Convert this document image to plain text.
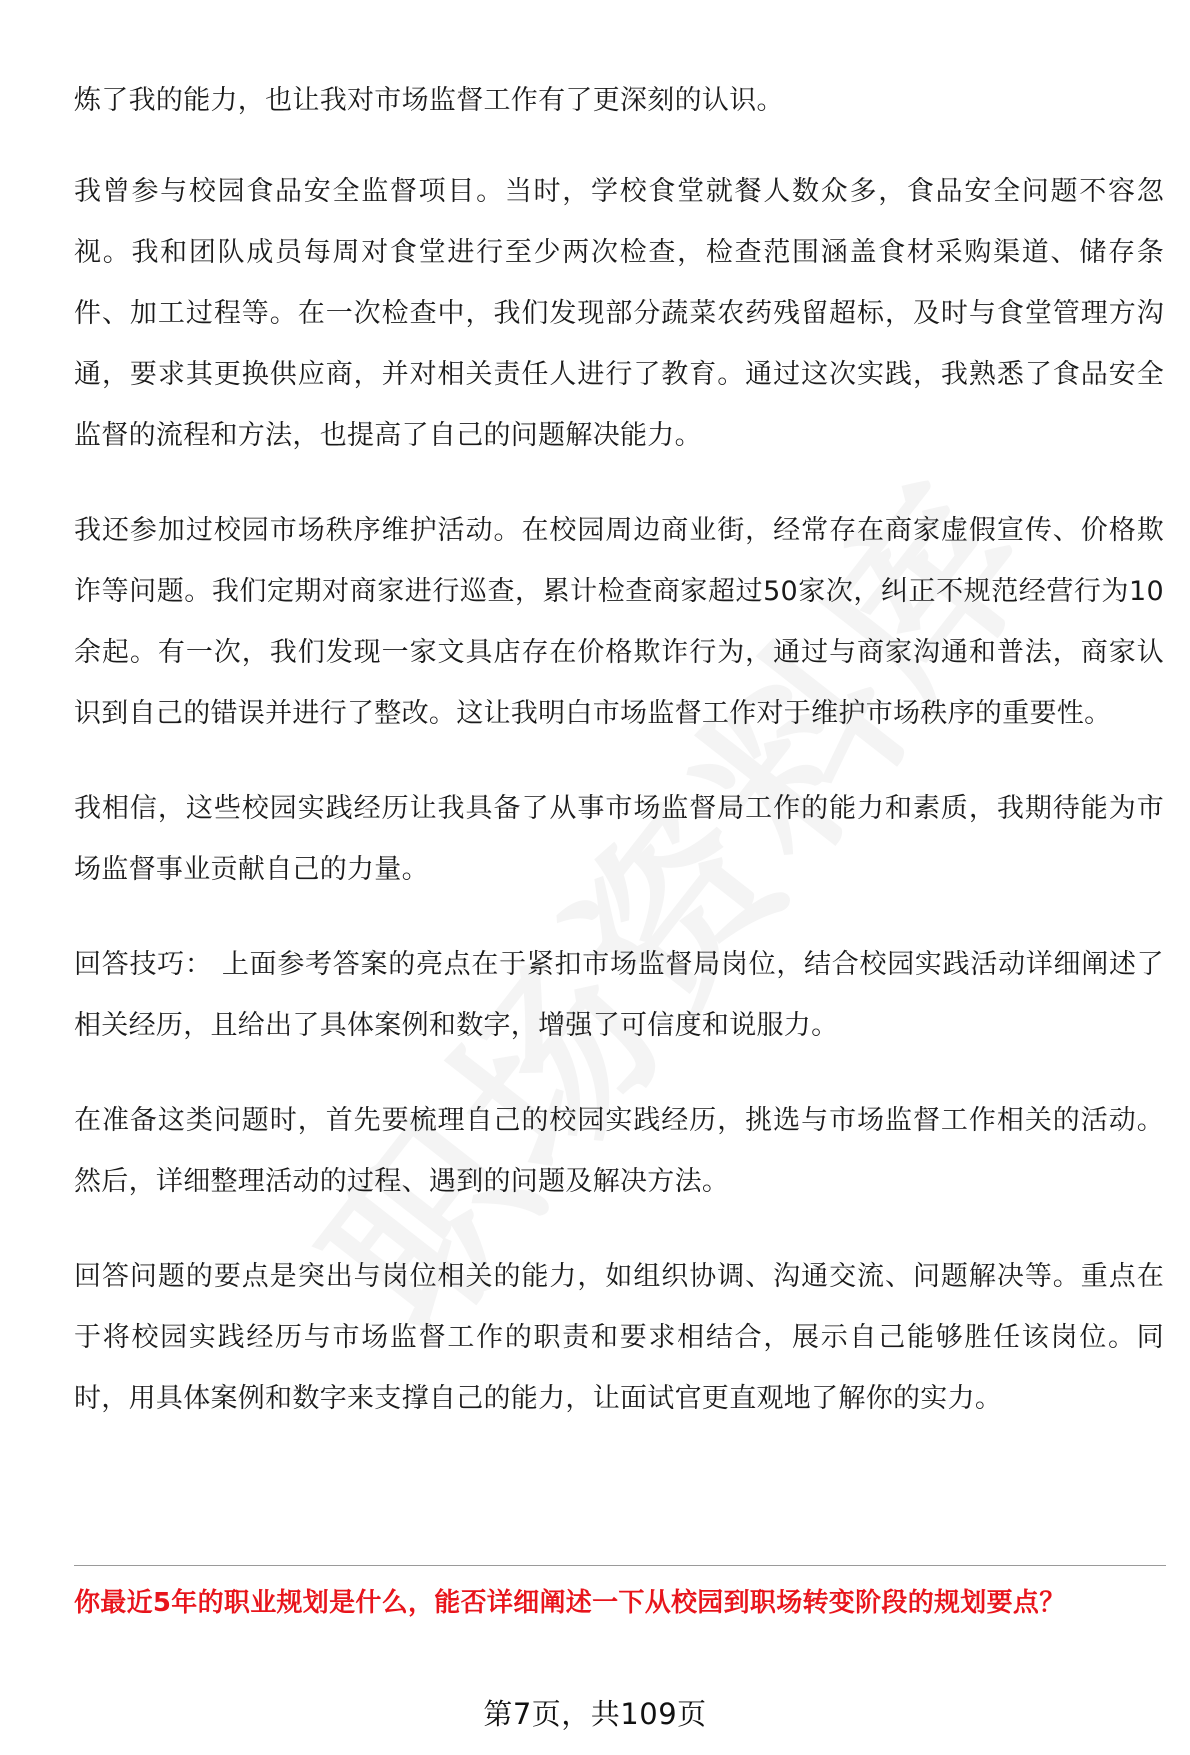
炼了我的能力，也让我对市场监督工作有了更深刻的认识。

我曾参与校园食品安全监督项目。当时，学校食堂就餐人数众多，食品安全问题不容忽视。我和团队成员每周对食堂进行至少两次检查，检查范围涵盖食材采购渠道、储存条件、加工过程等。在一次检查中，我们发现部分蔬菜农药残留超标，及时与食堂管理方沟通，要求其更换供应商，并对相关责任人进行了教育。通过这次实践，我熟悉了食品安全监督的流程和方法，也提高了自己的问题解决能力。

我还参加过校园市场秩序维护活动。在校园周边商业街，经常存在商家虚假宣传、价格欺诈等问题。我们定期对商家进行巡查，累计检查商家超过50家次，纠正不规范经营行为10余起。有一次，我们发现一家文具店存在价格欺诈行为，通过与商家沟通和普法，商家认识到自己的错误并进行了整改。这让我明白市场监督工作对于维护市场秩序的重要性。

我相信，这些校园实践经历让我具备了从事市场监督局工作的能力和素质，我期待能为市场监督事业贡献自己的力量。

回答技巧： 上面参考答案的亮点在于紧扣市场监督局岗位，结合校园实践活动详细阐述了相关经历，且给出了具体案例和数字，增强了可信度和说服力。

在准备这类问题时，首先要梳理自己的校园实践经历，挑选与市场监督工作相关的活动。然后，详细整理活动的过程、遇到的问题及解决方法。

回答问题的要点是突出与岗位相关的能力，如组织协调、沟通交流、问题解决等。重点在于将校园实践经历与市场监督工作的职责和要求相结合，展示自己能够胜任该岗位。同时，用具体案例和数字来支撑自己的能力，让面试官更直观地了解你的实力。

你最近5年的职业规划是什么，能否详细阐述一下从校园到职场转变阶段的规划要点？

第7页，共109页
